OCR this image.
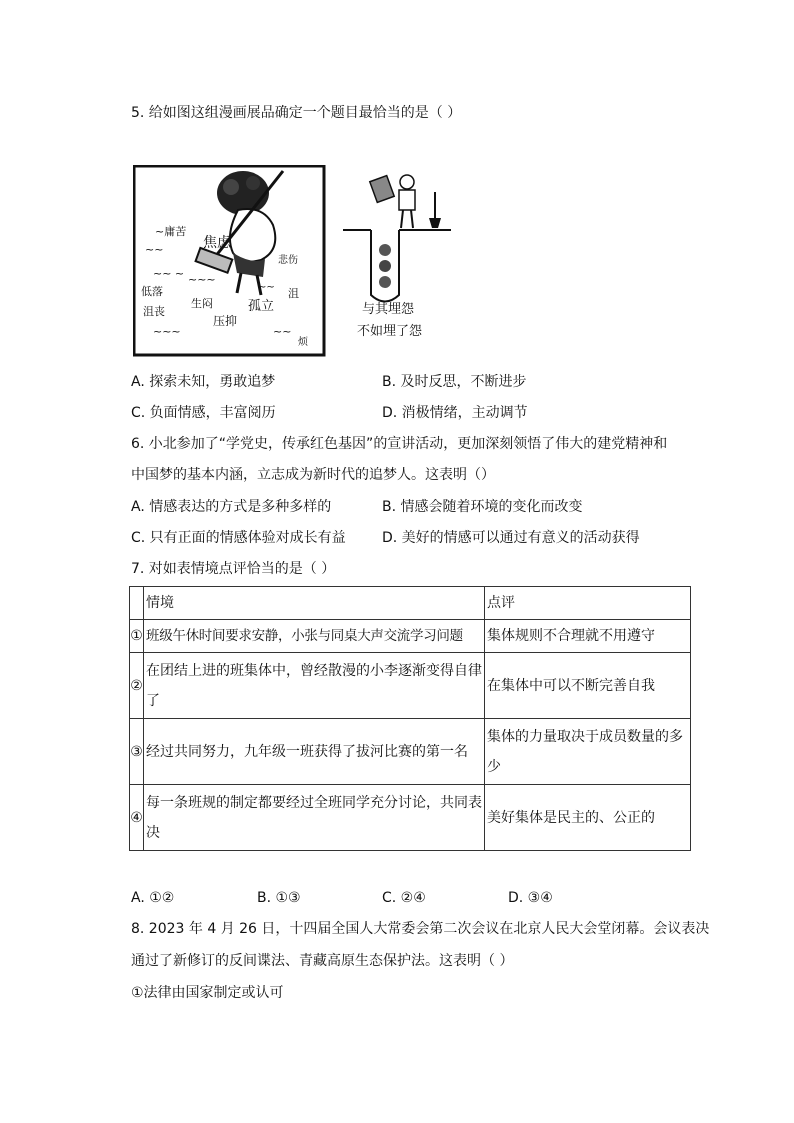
5. 给如图这组漫画展品确定一个题目最恰当的是（ ）
~庸苦
焦虑
~~
悲伤
~~ ~ ~~~
~~
低落
生闷	孤立
沮
沮丧
压抑
~~~	~~
烦
与其埋怨
不如埋了怨
A. 探索未知，勇敢追梦	B. 及时反思，不断进步
C. 负面情感，丰富阅历	D. 消极情绪，主动调节
6. 小北参加了“学党史，传承红色基因”的宣讲活动，更加深刻领悟了伟大的建党精神和
中国梦的基本内涵，立志成为新时代的追梦人。这表明（）
A. 情感表达的方式是多种多样的	B. 情感会随着环境的变化而改变
C. 只有正面的情感体验对成长有益	D. 美好的情感可以通过有意义的活动获得
7. 对如表情境点评恰当的是（ ）
	情境	点评
①	班级午休时间要求安静，小张与同桌大声交流学习问题	集体规则不合理就不用遵守
②	在团结上进的班集体中，曾经散漫的小李逐渐变得自律了	在集体中可以不断完善自我
③	经过共同努力，九年级一班获得了拔河比赛的第一名	集体的力量取决于成员数量的多少
④	每一条班规的制定都要经过全班同学充分讨论，共同表决	美好集体是民主的、公正的
A. ①②	B. ①③	C. ②④	D. ③④
8. 2023 年 4 月 26 日，十四届全国人大常委会第二次会议在北京人民大会堂闭幕。会议表决
通过了新修订的反间谍法、青藏高原生态保护法。这表明（ ）
①法律由国家制定或认可
